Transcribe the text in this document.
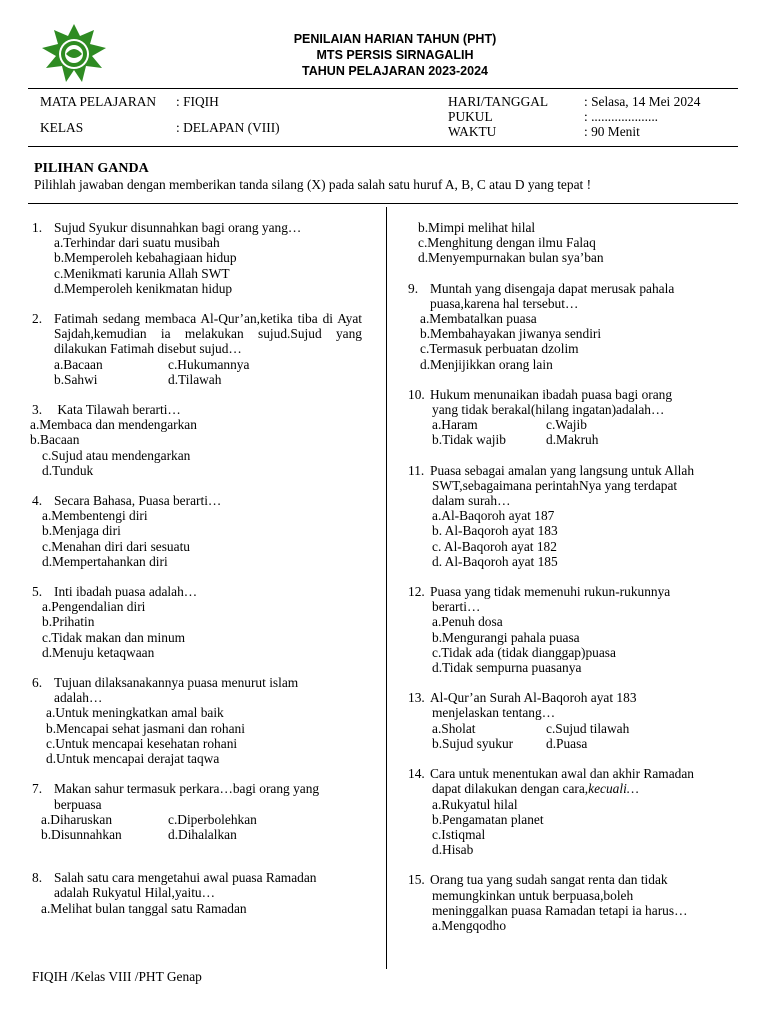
PENILAIAN HARIAN TAHUN (PHT)
MTS PERSIS SIRNAGALIH
TAHUN PELAJARAN 2023-2024
MATA PELAJARAN : FIQIH
KELAS	: DELAPAN (VIII)
HARI/TANGGAL	: Selasa, 14 Mei 2024
PUKUL	: ....................
WAKTU	: 90 Menit
PILIHAN GANDA
Pilihlah jawaban dengan memberikan tanda silang (X) pada salah satu huruf A, B, C atau D yang tepat !

1. Sujud Syukur disunnahkan bagi orang yang…

a.Terhindar dari suatu musibah

b.Memperoleh kebahagiaan hidup

c.Menikmati karunia Allah SWT

d.Memperoleh kenikmatan hidup

2. Fatimah sedang membaca Al-Qur’an,ketika tiba di Ayat Sajdah,kemudian ia melakukan sujud.Sujud yang dilakukan Fatimah disebut sujud…
a.Bacaan	c.Hukumannya
b.Sahwi	d.Tilawah

3. Kata Tilawah berarti…

a.Membaca dan mendengarkan

b.Bacaan

c.Sujud atau mendengarkan

d.Tunduk

4. Secara Bahasa, Puasa berarti…

a.Membentengi diri

b.Menjaga diri

c.Menahan diri dari sesuatu

d.Mempertahankan diri

5. Inti ibadah puasa adalah…

a.Pengendalian diri

b.Prihatin

c.Tidak makan dan minum

d.Menuju ketaqwaan

6. Tujuan dilaksanakannya puasa menurut islam

adalah…

a.Untuk meningkatkan amal baik

b.Mencapai sehat jasmani dan rohani

c.Untuk mencapai kesehatan rohani

d.Untuk mencapai derajat taqwa

7. Makan sahur termasuk perkara…bagi orang yang

berpuasa

a.Diharuskan	c.Diperbolehkan
b.Disunnahkan	d.Dihalalkan

8. Salah satu cara mengetahui awal puasa Ramadan

adalah Rukyatul Hilal,yaitu…

a.Melihat bulan tanggal satu Ramadan

b.Mimpi melihat hilal

c.Menghitung dengan ilmu Falaq

d.Menyempurnakan bulan sya’ban

9. Muntah yang disengaja dapat merusak pahala

puasa,karena hal tersebut…

a.Membatalkan puasa

b.Membahayakan jiwanya sendiri

c.Termasuk perbuatan dzolim

d.Menjijikkan orang lain

10. Hukum menunaikan ibadah puasa bagi orang

yang tidak berakal(hilang ingatan)adalah…

a.Haram	c.Wajib
b.Tidak wajib	d.Makruh

11. Puasa sebagai amalan yang langsung untuk Allah

SWT,sebagaimana perintahNya yang terdapat

dalam surah…

a.Al-Baqoroh ayat 187

b. Al-Baqoroh ayat 183

c. Al-Baqoroh ayat 182

d. Al-Baqoroh ayat 185

12. Puasa yang tidak memenuhi rukun-rukunnya

berarti…

a.Penuh dosa

b.Mengurangi pahala puasa

c.Tidak ada (tidak dianggap)puasa

d.Tidak sempurna puasanya

13. Al-Qur’an Surah Al-Baqoroh ayat 183

menjelaskan tentang…

a.Sholat	c.Sujud tilawah
b.Sujud syukur	d.Puasa

14. Cara untuk menentukan awal dan akhir Ramadan

dapat dilakukan dengan cara,kecuali…

a.Rukyatul hilal

b.Pengamatan planet

c.Istiqmal

d.Hisab

15. Orang tua yang sudah sangat renta dan tidak

memungkinkan untuk berpuasa,boleh

meninggalkan puasa Ramadan tetapi ia harus…

a.Mengqodho

FIQIH /Kelas VIII /PHT Genap
